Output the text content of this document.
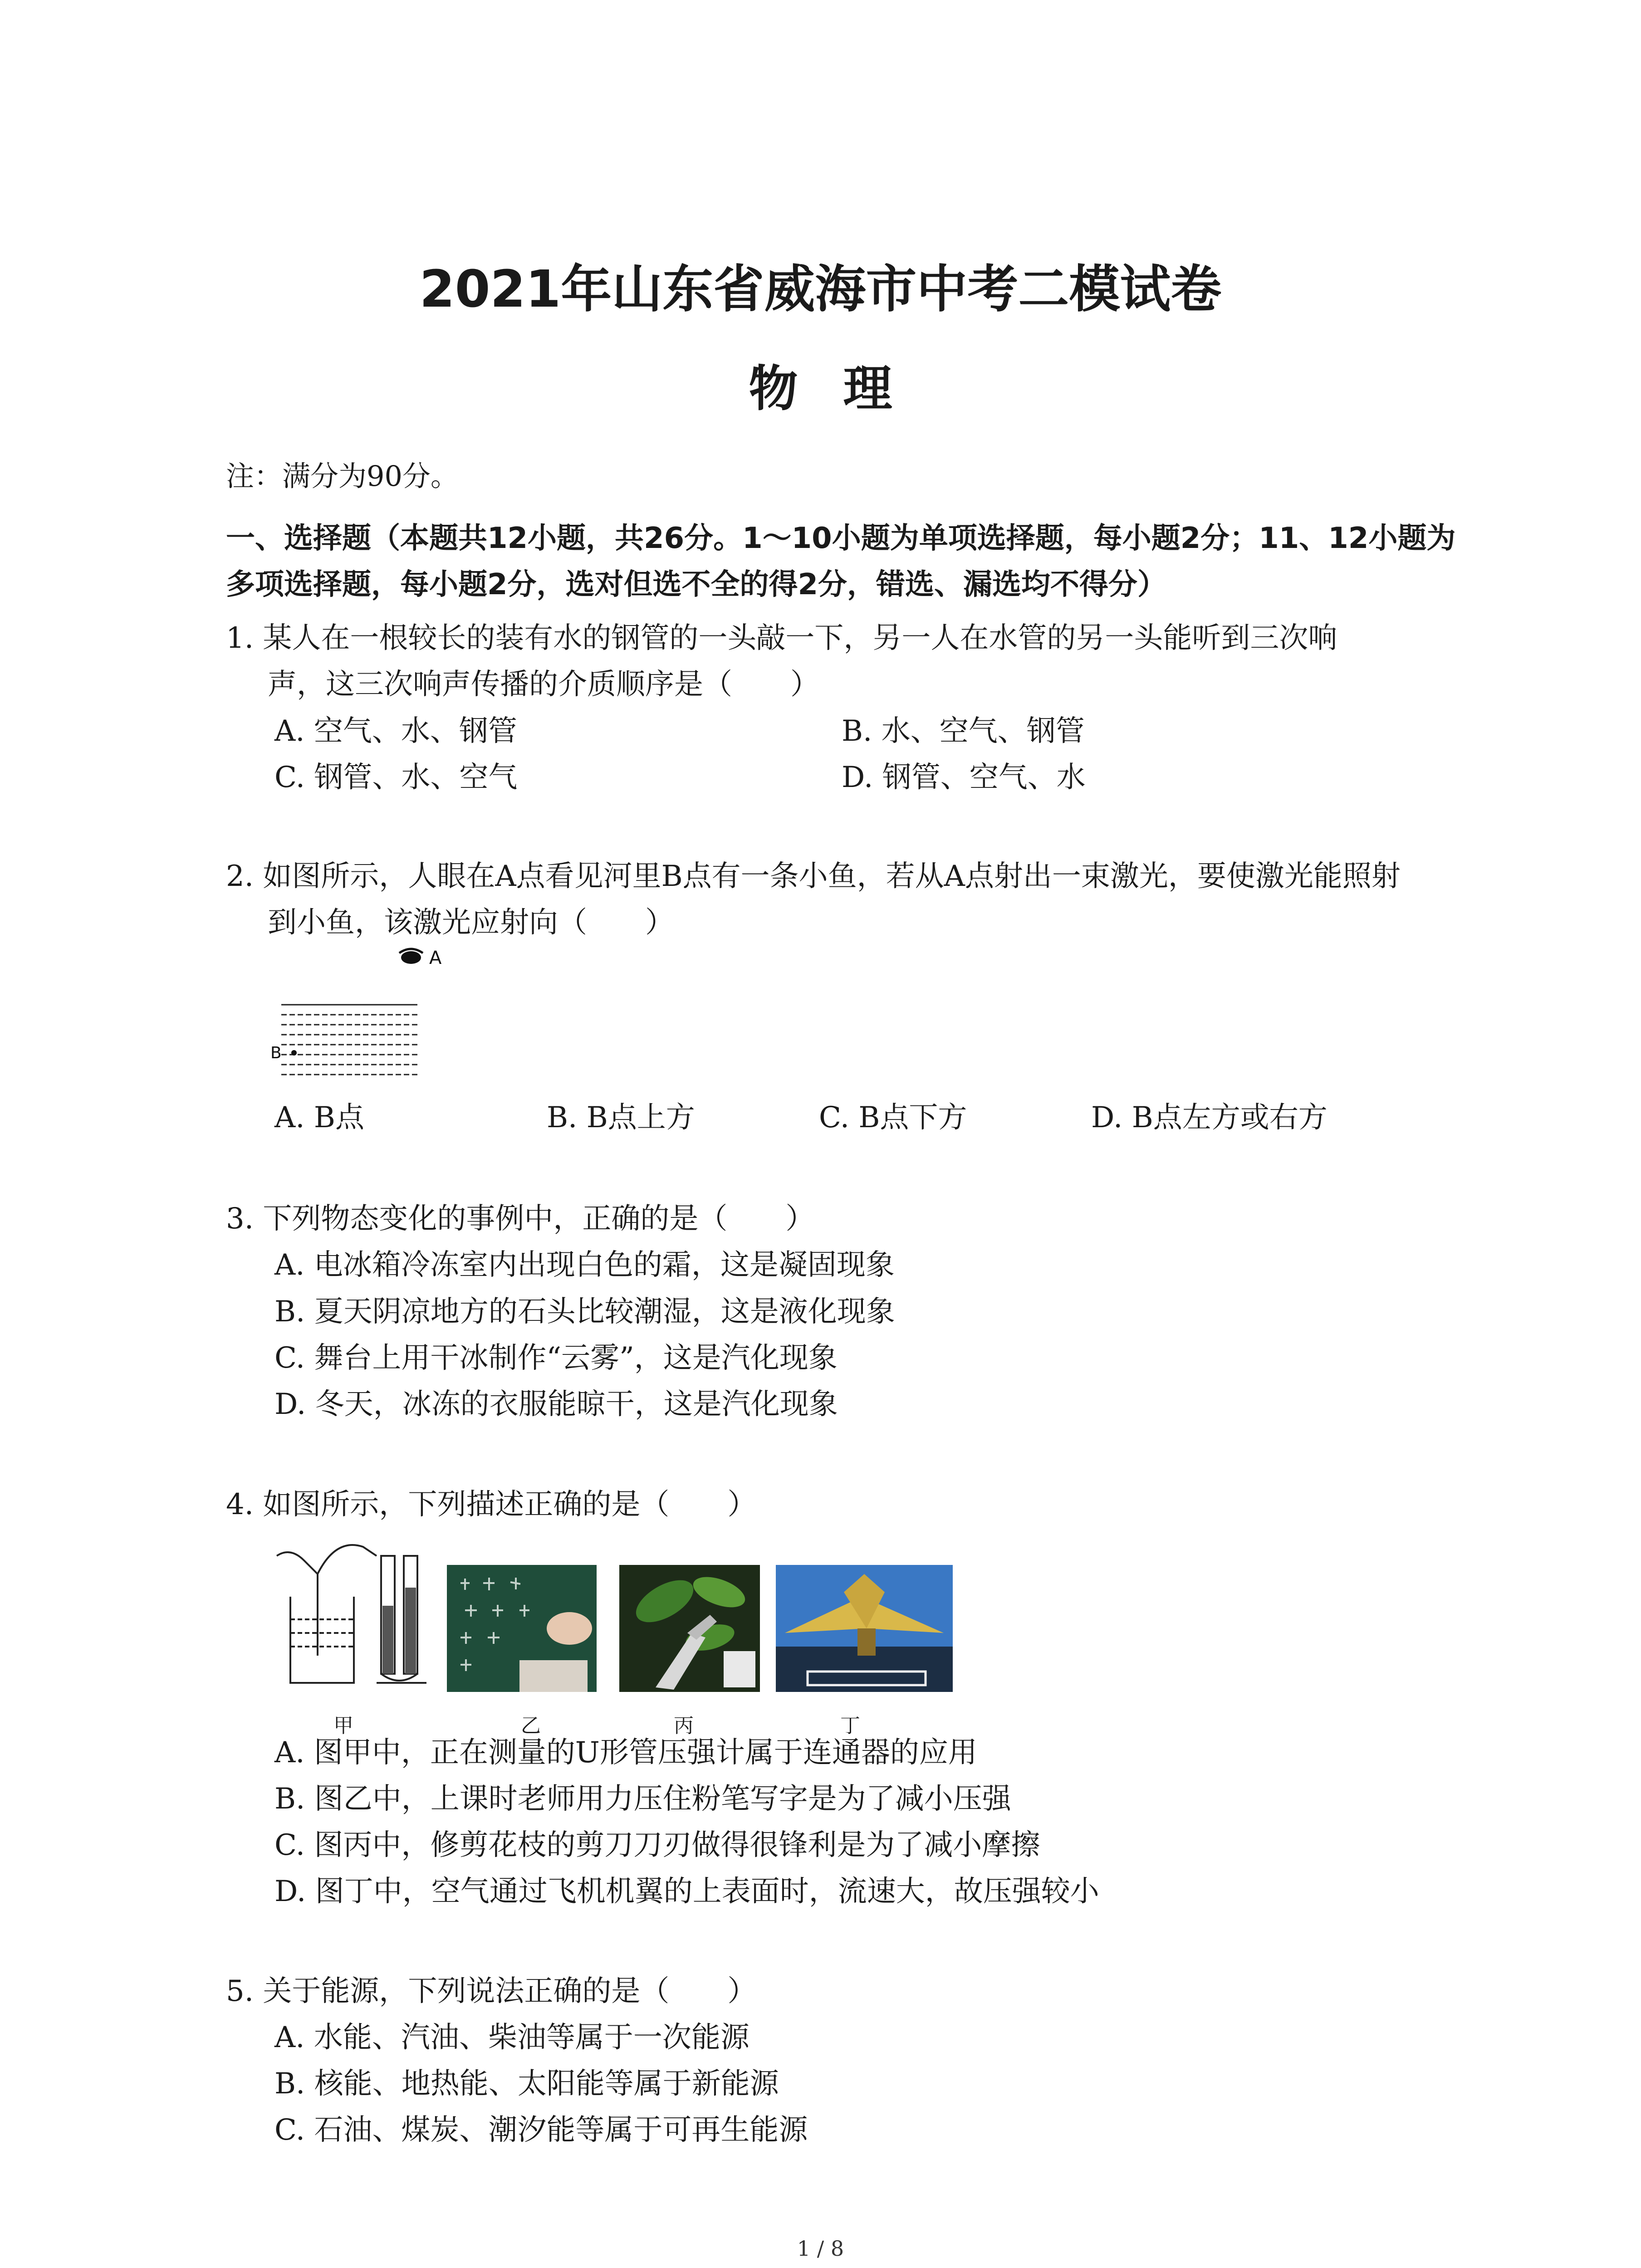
2021年山东省威海市中考二模试卷
物理
注：满分为90分。
一、选择题（本题共12小题，共26分。1～10小题为单项选择题，每小题2分；11、12小题为
多项选择题，每小题2分，选对但选不全的得2分，错选、漏选均不得分）
1. 某人在一根较长的装有水的钢管的一头敲一下，另一人在水管的另一头能听到三次响
声，这三次响声传播的介质顺序是（　　）
A. 空气、水、钢管	B. 水、空气、钢管
C. 钢管、水、空气	D. 钢管、空气、水
2. 如图所示，人眼在A点看见河里B点有一条小鱼，若从A点射出一束激光，要使激光能照射
到小鱼，该激光应射向（　　）
A
B
A. B点	B. B点上方	C. B点下方	D. B点左方或右方
3. 下列物态变化的事例中，正确的是（　　）
A. 电冰箱冷冻室内出现白色的霜，这是凝固现象
B. 夏天阴凉地方的石头比较潮湿，这是液化现象
C. 舞台上用干冰制作“云雾”，这是汽化现象
D. 冬天，冰冻的衣服能晾干，这是汽化现象
4. 如图所示，下列描述正确的是（　　）
甲	乙	丙	丁
A. 图甲中，正在测量的U形管压强计属于连通器的应用
B. 图乙中，上课时老师用力压住粉笔写字是为了减小压强
C. 图丙中，修剪花枝的剪刀刀刃做得很锋利是为了减小摩擦
D. 图丁中，空气通过飞机机翼的上表面时，流速大，故压强较小
5. 关于能源，下列说法正确的是（　　）
A. 水能、汽油、柴油等属于一次能源
B. 核能、地热能、太阳能等属于新能源
C. 石油、煤炭、潮汐能等属于可再生能源
1 / 8
